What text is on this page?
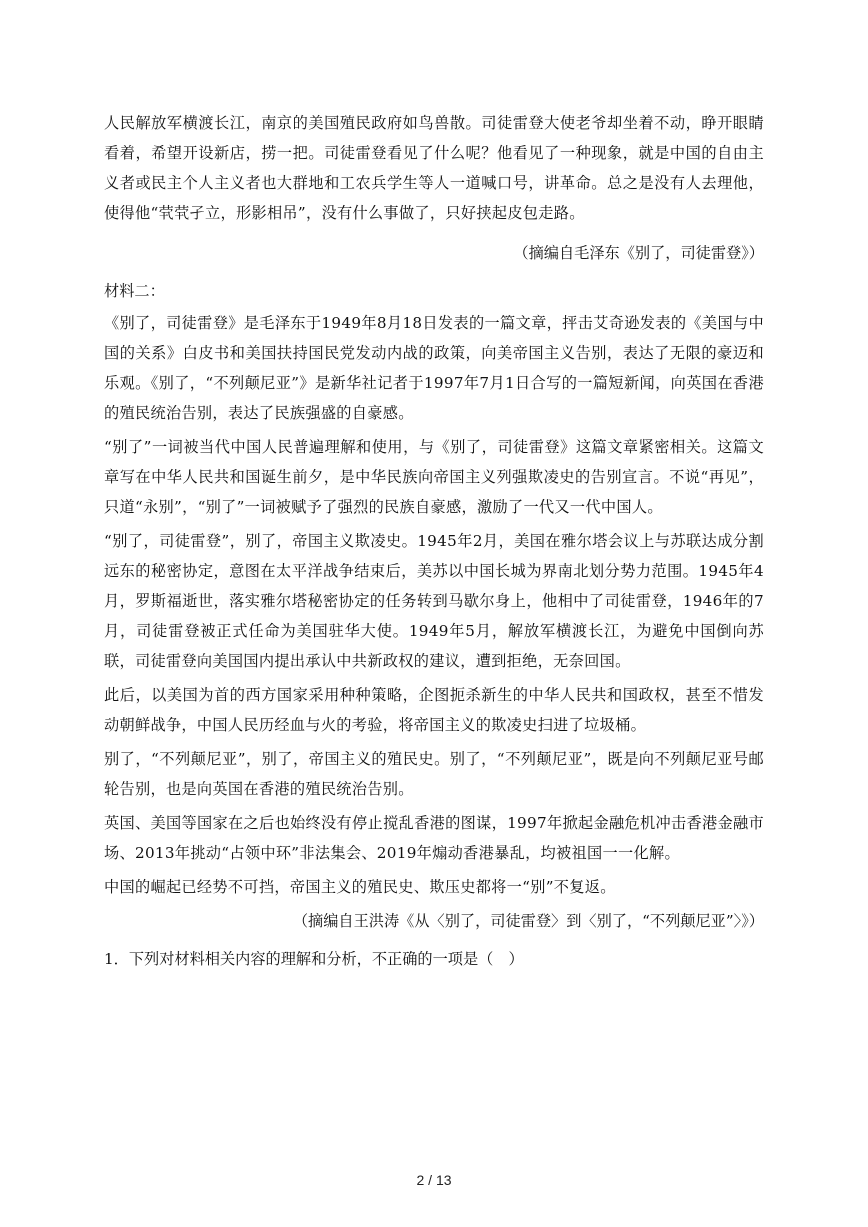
人民解放军横渡长江，南京的美国殖民政府如鸟兽散。司徒雷登大使老爷却坐着不动，睁开眼睛看着，希望开设新店，捞一把。司徒雷登看见了什么呢？他看见了一种现象，就是中国的自由主义者或民主个人主义者也大群地和工农兵学生等人一道喊口号，讲革命。总之是没有人去理他，使得他“茕茕孑立，形影相吊”，没有什么事做了，只好挟起皮包走路。

（摘编自毛泽东《别了，司徒雷登》）

材料二：

《别了，司徒雷登》是毛泽东于1949年8月18日发表的一篇文章，抨击艾奇逊发表的《美国与中国的关系》白皮书和美国扶持国民党发动内战的政策，向美帝国主义告别，表达了无限的豪迈和乐观。《别了，“不列颠尼亚”》是新华社记者于1997年7月1日合写的一篇短新闻，向英国在香港的殖民统治告别，表达了民族强盛的自豪感。

“别了”一词被当代中国人民普遍理解和使用，与《别了，司徒雷登》这篇文章紧密相关。这篇文章写在中华人民共和国诞生前夕，是中华民族向帝国主义列强欺凌史的告别宣言。不说“再见”，只道“永别”，“别了”一词被赋予了强烈的民族自豪感，激励了一代又一代中国人。

“别了，司徒雷登”，别了，帝国主义欺凌史。1945年2月，美国在雅尔塔会议上与苏联达成分割远东的秘密协定，意图在太平洋战争结束后，美苏以中国长城为界南北划分势力范围。1945年4月，罗斯福逝世，落实雅尔塔秘密协定的任务转到马歇尔身上，他相中了司徒雷登，1946年的7月，司徒雷登被正式任命为美国驻华大使。1949年5月，解放军横渡长江，为避免中国倒向苏联，司徒雷登向美国国内提出承认中共新政权的建议，遭到拒绝，无奈回国。

此后，以美国为首的西方国家采用种种策略，企图扼杀新生的中华人民共和国政权，甚至不惜发动朝鲜战争，中国人民历经血与火的考验，将帝国主义的欺凌史扫进了垃圾桶。

别了，“不列颠尼亚”，别了，帝国主义的殖民史。别了，“不列颠尼亚”，既是向不列颠尼亚号邮轮告别，也是向英国在香港的殖民统治告别。

英国、美国等国家在之后也始终没有停止搅乱香港的图谋，1997年掀起金融危机冲击香港金融市场、2013年挑动“占领中环”非法集会、2019年煽动香港暴乱，均被祖国一一化解。

中国的崛起已经势不可挡，帝国主义的殖民史、欺压史都将一“别”不复返。

（摘编自王洪涛《从〈别了，司徒雷登〉到〈别了，“不列颠尼亚”〉》）

1．下列对材料相关内容的理解和分析，不正确的一项是（　）

2 / 13
